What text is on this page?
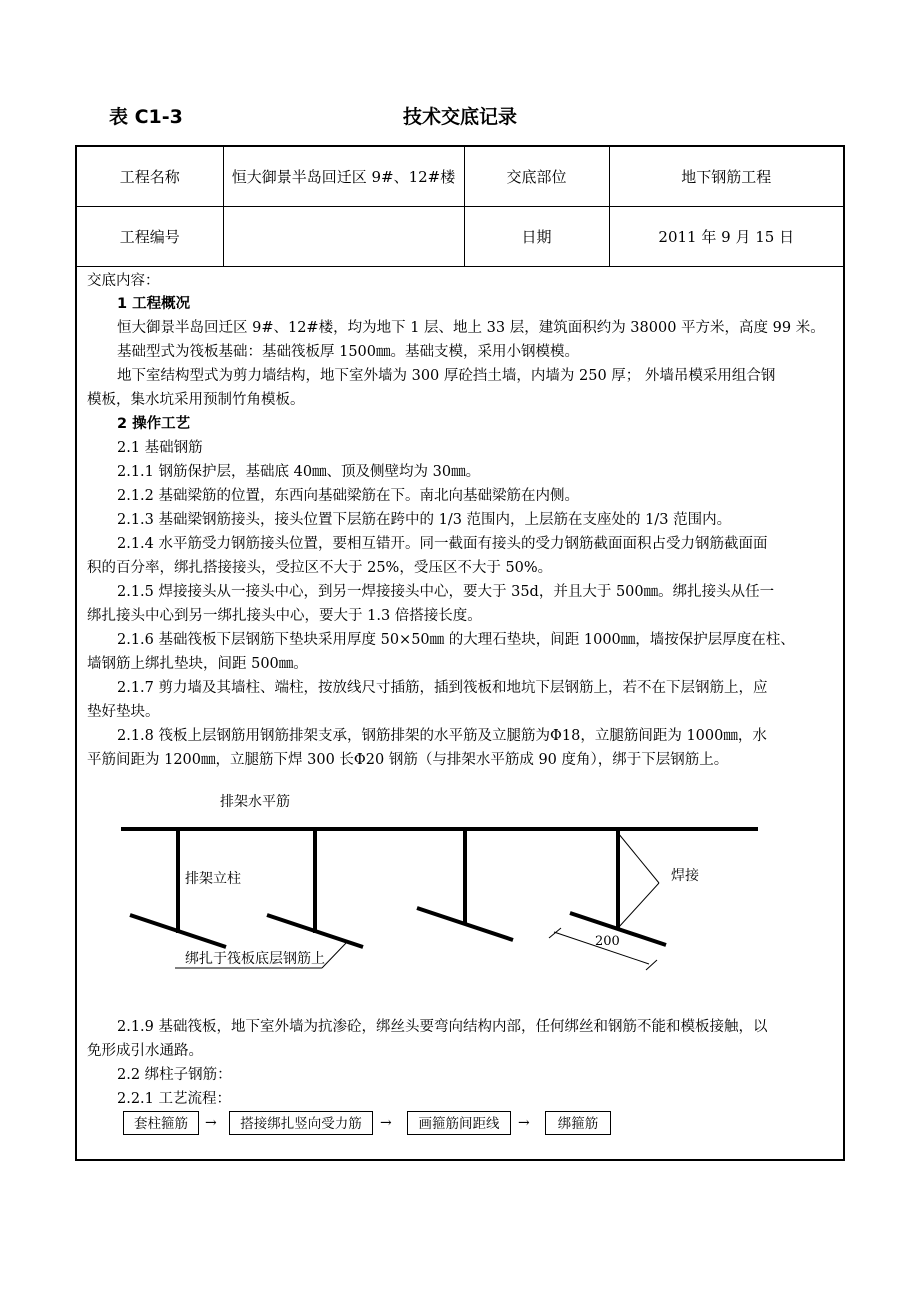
表 C1-3	技术交底记录
工程名称	恒大御景半岛回迁区 9#、12#楼	交底部位	地下钢筋工程
工程编号		日期	2011 年 9 月 15 日
交底内容：
1 工程概况
恒大御景半岛回迁区 9#、12#楼，均为地下 1 层、地上 33 层，建筑面积约为 38000 平方米，高度 99 米。
基础型式为筏板基础：基础筏板厚 1500㎜。基础支模，采用小钢模模。
地下室结构型式为剪力墙结构，地下室外墙为 300 厚砼挡土墙，内墙为 250 厚； 外墙吊模采用组合钢
模板，集水坑采用预制竹角模板。
2 操作工艺
2.1 基础钢筋
2.1.1 钢筋保护层，基础底 40㎜、顶及侧壁均为 30㎜。
2.1.2 基础梁筋的位置，东西向基础梁筋在下。南北向基础梁筋在内侧。
2.1.3 基础梁钢筋接头，接头位置下层筋在跨中的 1/3 范围内，上层筋在支座处的 1/3 范围内。
2.1.4 水平筋受力钢筋接头位置，要相互错开。同一截面有接头的受力钢筋截面面积占受力钢筋截面面
积的百分率，绑扎搭接接头，受拉区不大于 25%，受压区不大于 50%。
2.1.5 焊接接头从一接头中心，到另一焊接接头中心，要大于 35d，并且大于 500㎜。绑扎接头从任一
绑扎接头中心到另一绑扎接头中心，要大于 1.3 倍搭接长度。
2.1.6 基础筏板下层钢筋下垫块采用厚度 50×50㎜ 的大理石垫块，间距 1000㎜，墙按保护层厚度在柱、
墙钢筋上绑扎垫块，间距 500㎜。
2.1.7 剪力墙及其墙柱、端柱，按放线尺寸插筋，插到筏板和地坑下层钢筋上，若不在下层钢筋上，应
垫好垫块。
2.1.8 筏板上层钢筋用钢筋排架支承，钢筋排架的水平筋及立腿筋为Φ18，立腿筋间距为 1000㎜，水
平筋间距为 1200㎜，立腿筋下焊 300 长Φ20 钢筋（与排架水平筋成 90 度角），绑于下层钢筋上。
排架水平筋
焊接
200
排架立柱
绑扎于筏板底层钢筋上
2.1.9 基础筏板，地下室外墙为抗渗砼，绑丝头要弯向结构内部，任何绑丝和钢筋不能和模板接触，以
免形成引水通路。
2.2 绑柱子钢筋：
2.2.1 工艺流程：
套柱箍筋	→	搭接绑扎竖向受力筋	→	画箍筋间距线	→	绑箍筋
